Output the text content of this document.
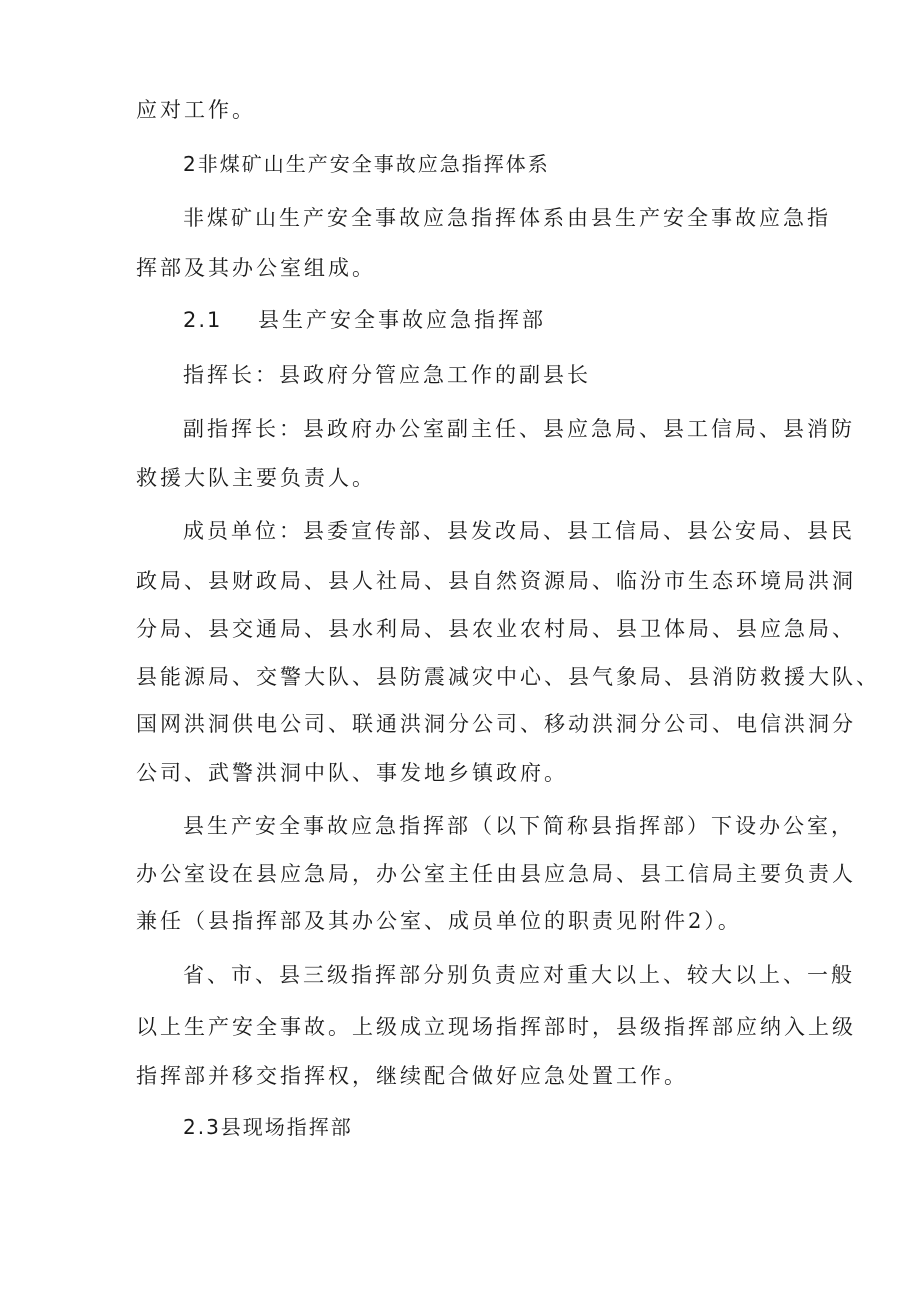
应对工作。
2非煤矿山生产安全事故应急指挥体系
非煤矿山生产安全事故应急指挥体系由县生产安全事故应急指
挥部及其办公室组成。
2.1 县生产安全事故应急指挥部
指挥长：县政府分管应急工作的副县长
副指挥长：县政府办公室副主任、县应急局、县工信局、县消防
救援大队主要负责人。
成员单位：县委宣传部、县发改局、县工信局、县公安局、县民
政局、县财政局、县人社局、县自然资源局、临汾市生态环境局洪洞
分局、县交通局、县水利局、县农业农村局、县卫体局、县应急局、
县能源局、交警大队、县防震减灾中心、县气象局、县消防救援大队、
国网洪洞供电公司、联通洪洞分公司、移动洪洞分公司、电信洪洞分
公司、武警洪洞中队、事发地乡镇政府。
县生产安全事故应急指挥部（以下简称县指挥部）下设办公室，
办公室设在县应急局，办公室主任由县应急局、县工信局主要负责人
兼任（县指挥部及其办公室、成员单位的职责见附件2）。
省、市、县三级指挥部分别负责应对重大以上、较大以上、一般
以上生产安全事故。上级成立现场指挥部时，县级指挥部应纳入上级
指挥部并移交指挥权，继续配合做好应急处置工作。
2.3县现场指挥部
